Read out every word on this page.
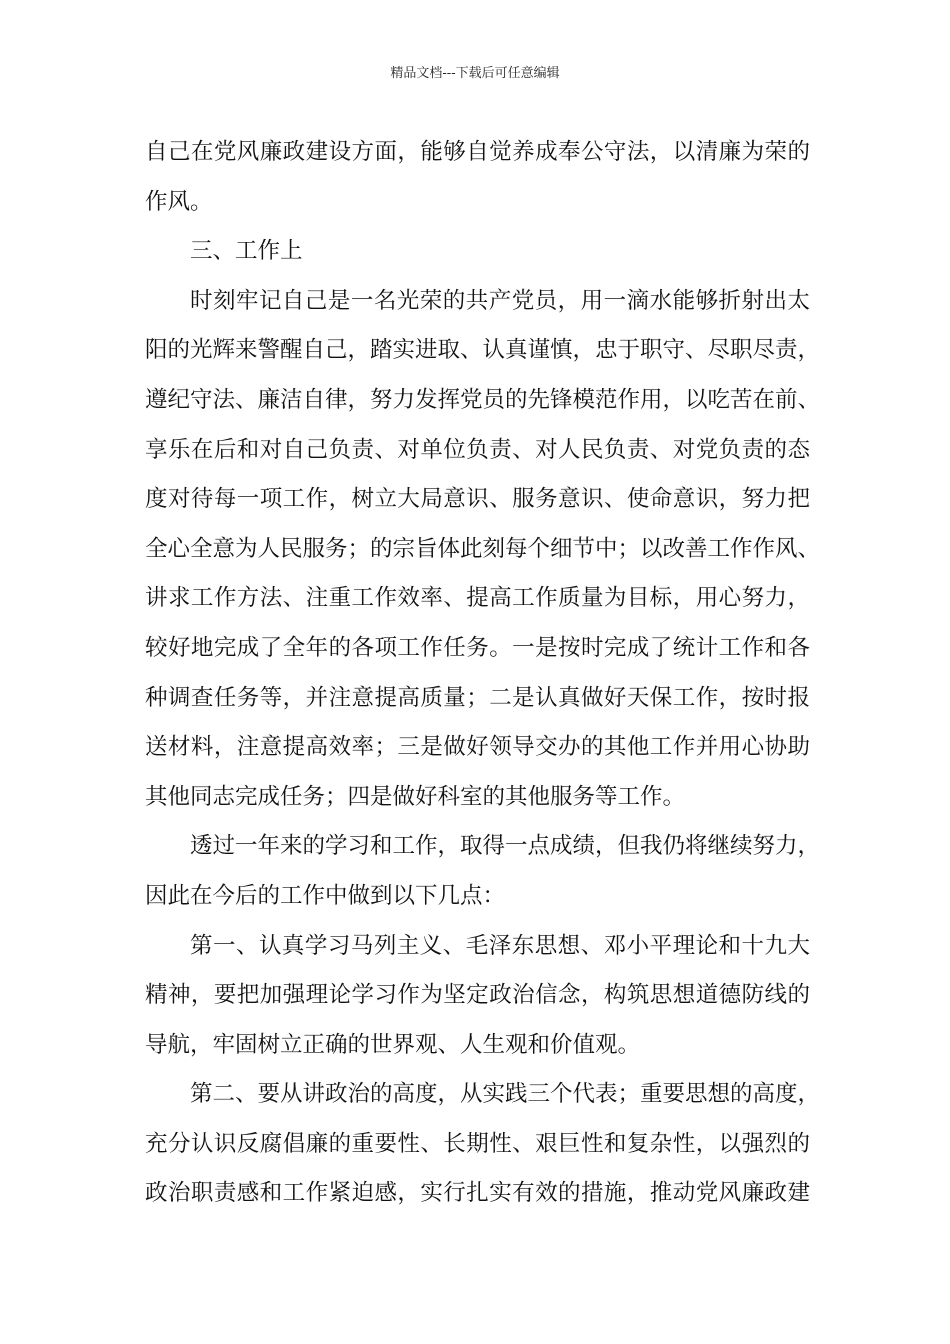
精品文档---下载后可任意编辑
自己在党风廉政建设方面，能够自觉养成奉公守法，以清廉为荣的
作风。
三、工作上
时刻牢记自己是一名光荣的共产党员，用一滴水能够折射出太
阳的光辉来警醒自己，踏实进取、认真谨慎，忠于职守、尽职尽责，
遵纪守法、廉洁自律，努力发挥党员的先锋模范作用，以吃苦在前、
享乐在后和对自己负责、对单位负责、对人民负责、对党负责的态
度对待每一项工作，树立大局意识、服务意识、使命意识，努力把
全心全意为人民服务；的宗旨体此刻每个细节中；以改善工作作风、
讲求工作方法、注重工作效率、提高工作质量为目标，用心努力，
较好地完成了全年的各项工作任务。一是按时完成了统计工作和各
种调查任务等，并注意提高质量；二是认真做好天保工作，按时报
送材料，注意提高效率；三是做好领导交办的其他工作并用心协助
其他同志完成任务；四是做好科室的其他服务等工作。
透过一年来的学习和工作，取得一点成绩，但我仍将继续努力，
因此在今后的工作中做到以下几点：
第一、认真学习马列主义、毛泽东思想、邓小平理论和十九大
精神，要把加强理论学习作为坚定政治信念，构筑思想道德防线的
导航，牢固树立正确的世界观、人生观和价值观。
第二、要从讲政治的高度，从实践三个代表；重要思想的高度，
充分认识反腐倡廉的重要性、长期性、艰巨性和复杂性，以强烈的
政治职责感和工作紧迫感，实行扎实有效的措施，推动党风廉政建
